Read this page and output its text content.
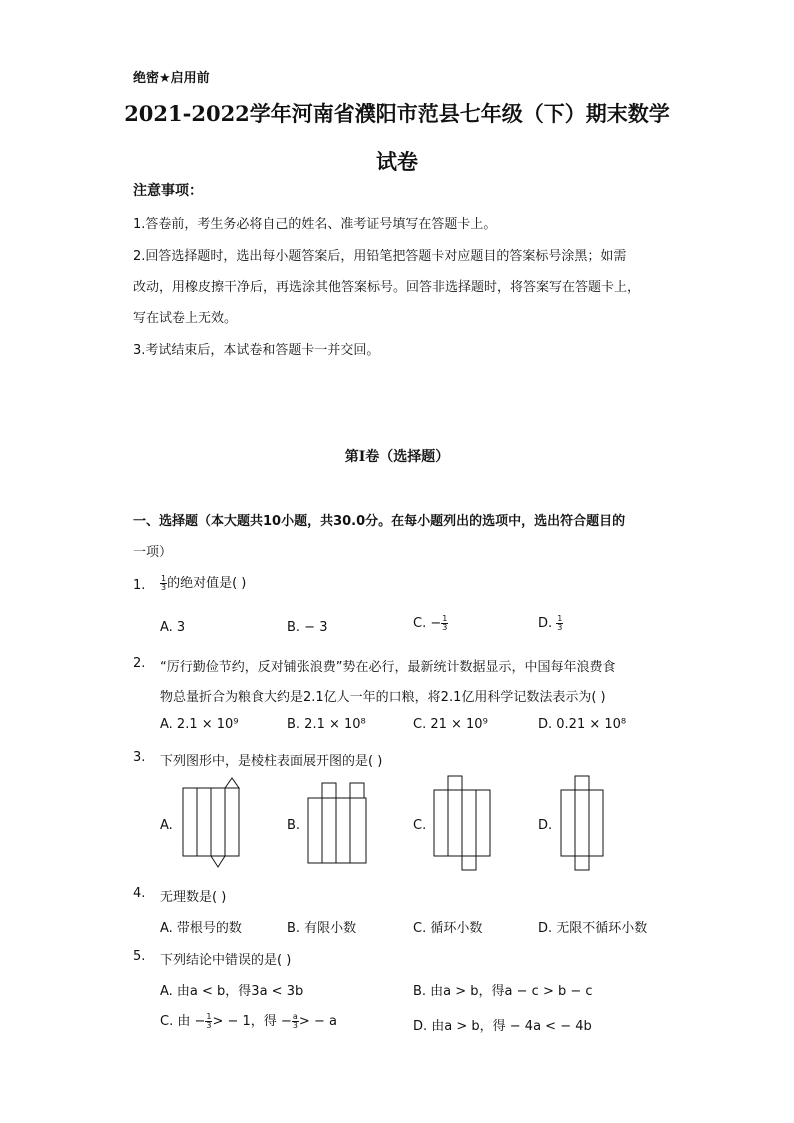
绝密★启用前
2021-2022学年河南省濮阳市范县七年级（下）期末数学
试卷
注意事项：
1.答卷前，考生务必将自己的姓名、准考证号填写在答题卡上。
2.回答选择题时，选出每小题答案后，用铅笔把答题卡对应题目的答案标号涂黑；如需
改动，用橡皮擦干净后，再选涂其他答案标号。回答非选择题时，将答案写在答题卡上，
写在试卷上无效。
3.考试结束后，本试卷和答题卡一并交回。
第Ⅰ卷（选择题）
一、选择题（本大题共10小题，共30.0分。在每小题列出的选项中，选出符合题目的
一项）
1. $\frac{1}{3}$ 的绝对值是( )
A. 3	B. − 3	C. − $\frac{1}{3}$	D. $\frac{1}{3}$
2. “厉行勤俭节约，反对铺张浪费”势在必行，最新统计数据显示，中国每年浪费食
物总量折合为粮食大约是2.1亿人一年的口粮，将2.1亿用科学记数法表示为( )
A. 2.1 × 10⁹	B. 2.1 × 10⁸	C. 21 × 10⁹	D. 0.21 × 10⁸
3. 下列图形中，是棱柱表面展开图的是( )
A.	B.	C.	D.
4. 无理数是( )
A. 带根号的数	B. 有限小数	C. 循环小数	D. 无限不循环小数
5. 下列结论中错误的是( )
A. 由a < b，得3a < 3b	B. 由a > b，得a − c > b − c
C. 由 − $\frac{1}{3}$ > − 1，得 − $\frac{a}{3}$ > − a	D. 由a > b，得 − 4a < − 4b
